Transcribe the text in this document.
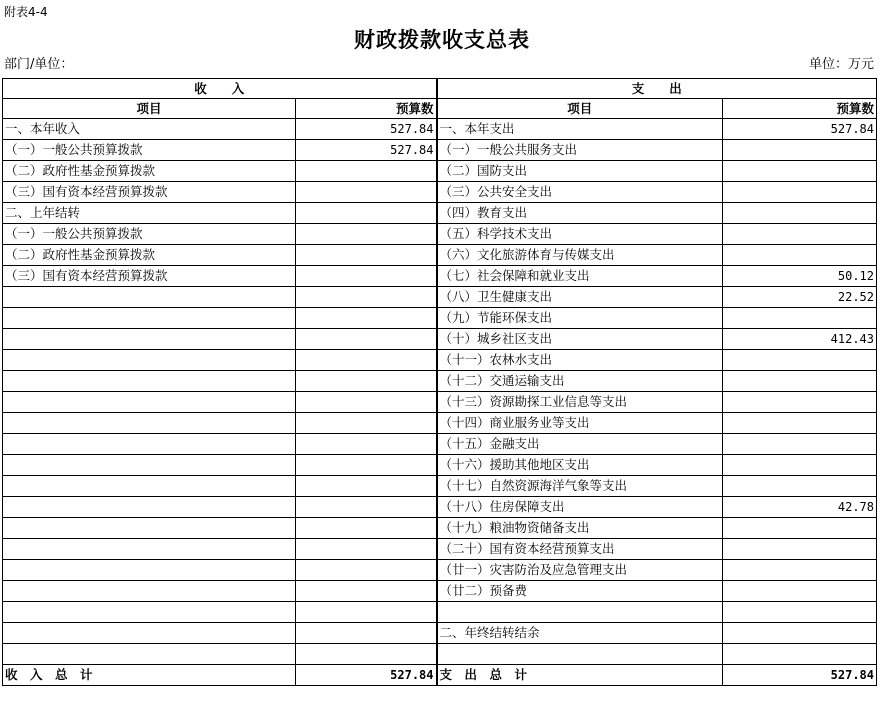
附表4-4
财政拨款收支总表
部门/单位：	单位：万元
收　　入		支　　出	
项目	预算数	项目	预算数
一、本年收入	527.84	一、本年支出	527.84
（一）一般公共预算拨款	527.84	（一）一般公共服务支出	
（二）政府性基金预算拨款		（二）国防支出	
（三）国有资本经营预算拨款		（三）公共安全支出	
二、上年结转		（四）教育支出	
（一）一般公共预算拨款		（五）科学技术支出	
（二）政府性基金预算拨款		（六）文化旅游体育与传媒支出	
（三）国有资本经营预算拨款		（七）社会保障和就业支出	50.12
		（八）卫生健康支出	22.52
		（九）节能环保支出	
		（十）城乡社区支出	412.43
		（十一）农林水支出	
		（十二）交通运输支出	
		（十三）资源勘探工业信息等支出	
		（十四）商业服务业等支出	
		（十五）金融支出	
		（十六）援助其他地区支出	
		（十七）自然资源海洋气象等支出	
		（十八）住房保障支出	42.78
		（十九）粮油物资储备支出	
		（二十）国有资本经营预算支出	
		（廿一）灾害防治及应急管理支出	
		（廿二）预备费	

		二、年终结转结余	

收　入　总　计	527.84	支　出　总　计	527.84
